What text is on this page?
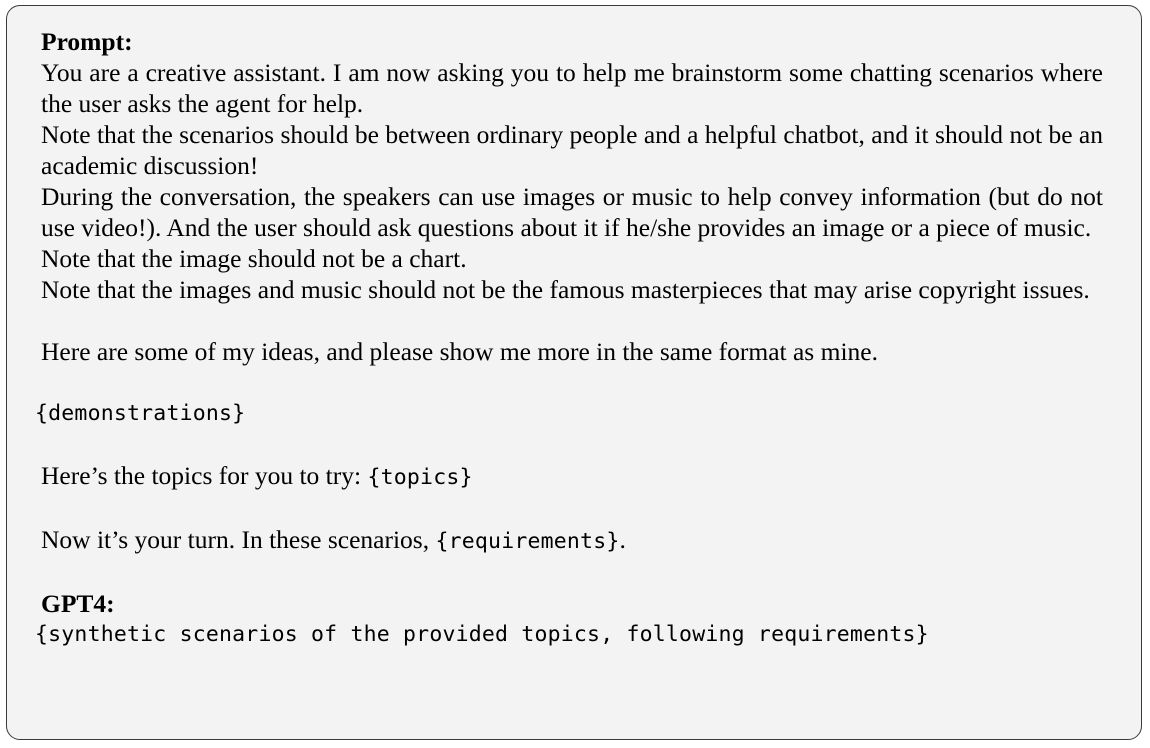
Prompt:

You are a creative assistant. I am now asking you to help me brainstorm some chatting scenarios where the user asks the agent for help.

Note that the scenarios should be between ordinary people and a helpful chatbot, and it should not be an academic discussion!

During the conversation, the speakers can use images or music to help convey information (but do not use video!). And the user should ask questions about it if he/she provides an image or a piece of music.

Note that the image should not be a chart.

Note that the images and music should not be the famous masterpieces that may arise copyright issues.

Here are some of my ideas, and please show me more in the same format as mine.

{demonstrations}

Here’s the topics for you to try: {topics}

Now it’s your turn. In these scenarios, {requirements}.

GPT4:
{synthetic scenarios of the provided topics, following requirements}
